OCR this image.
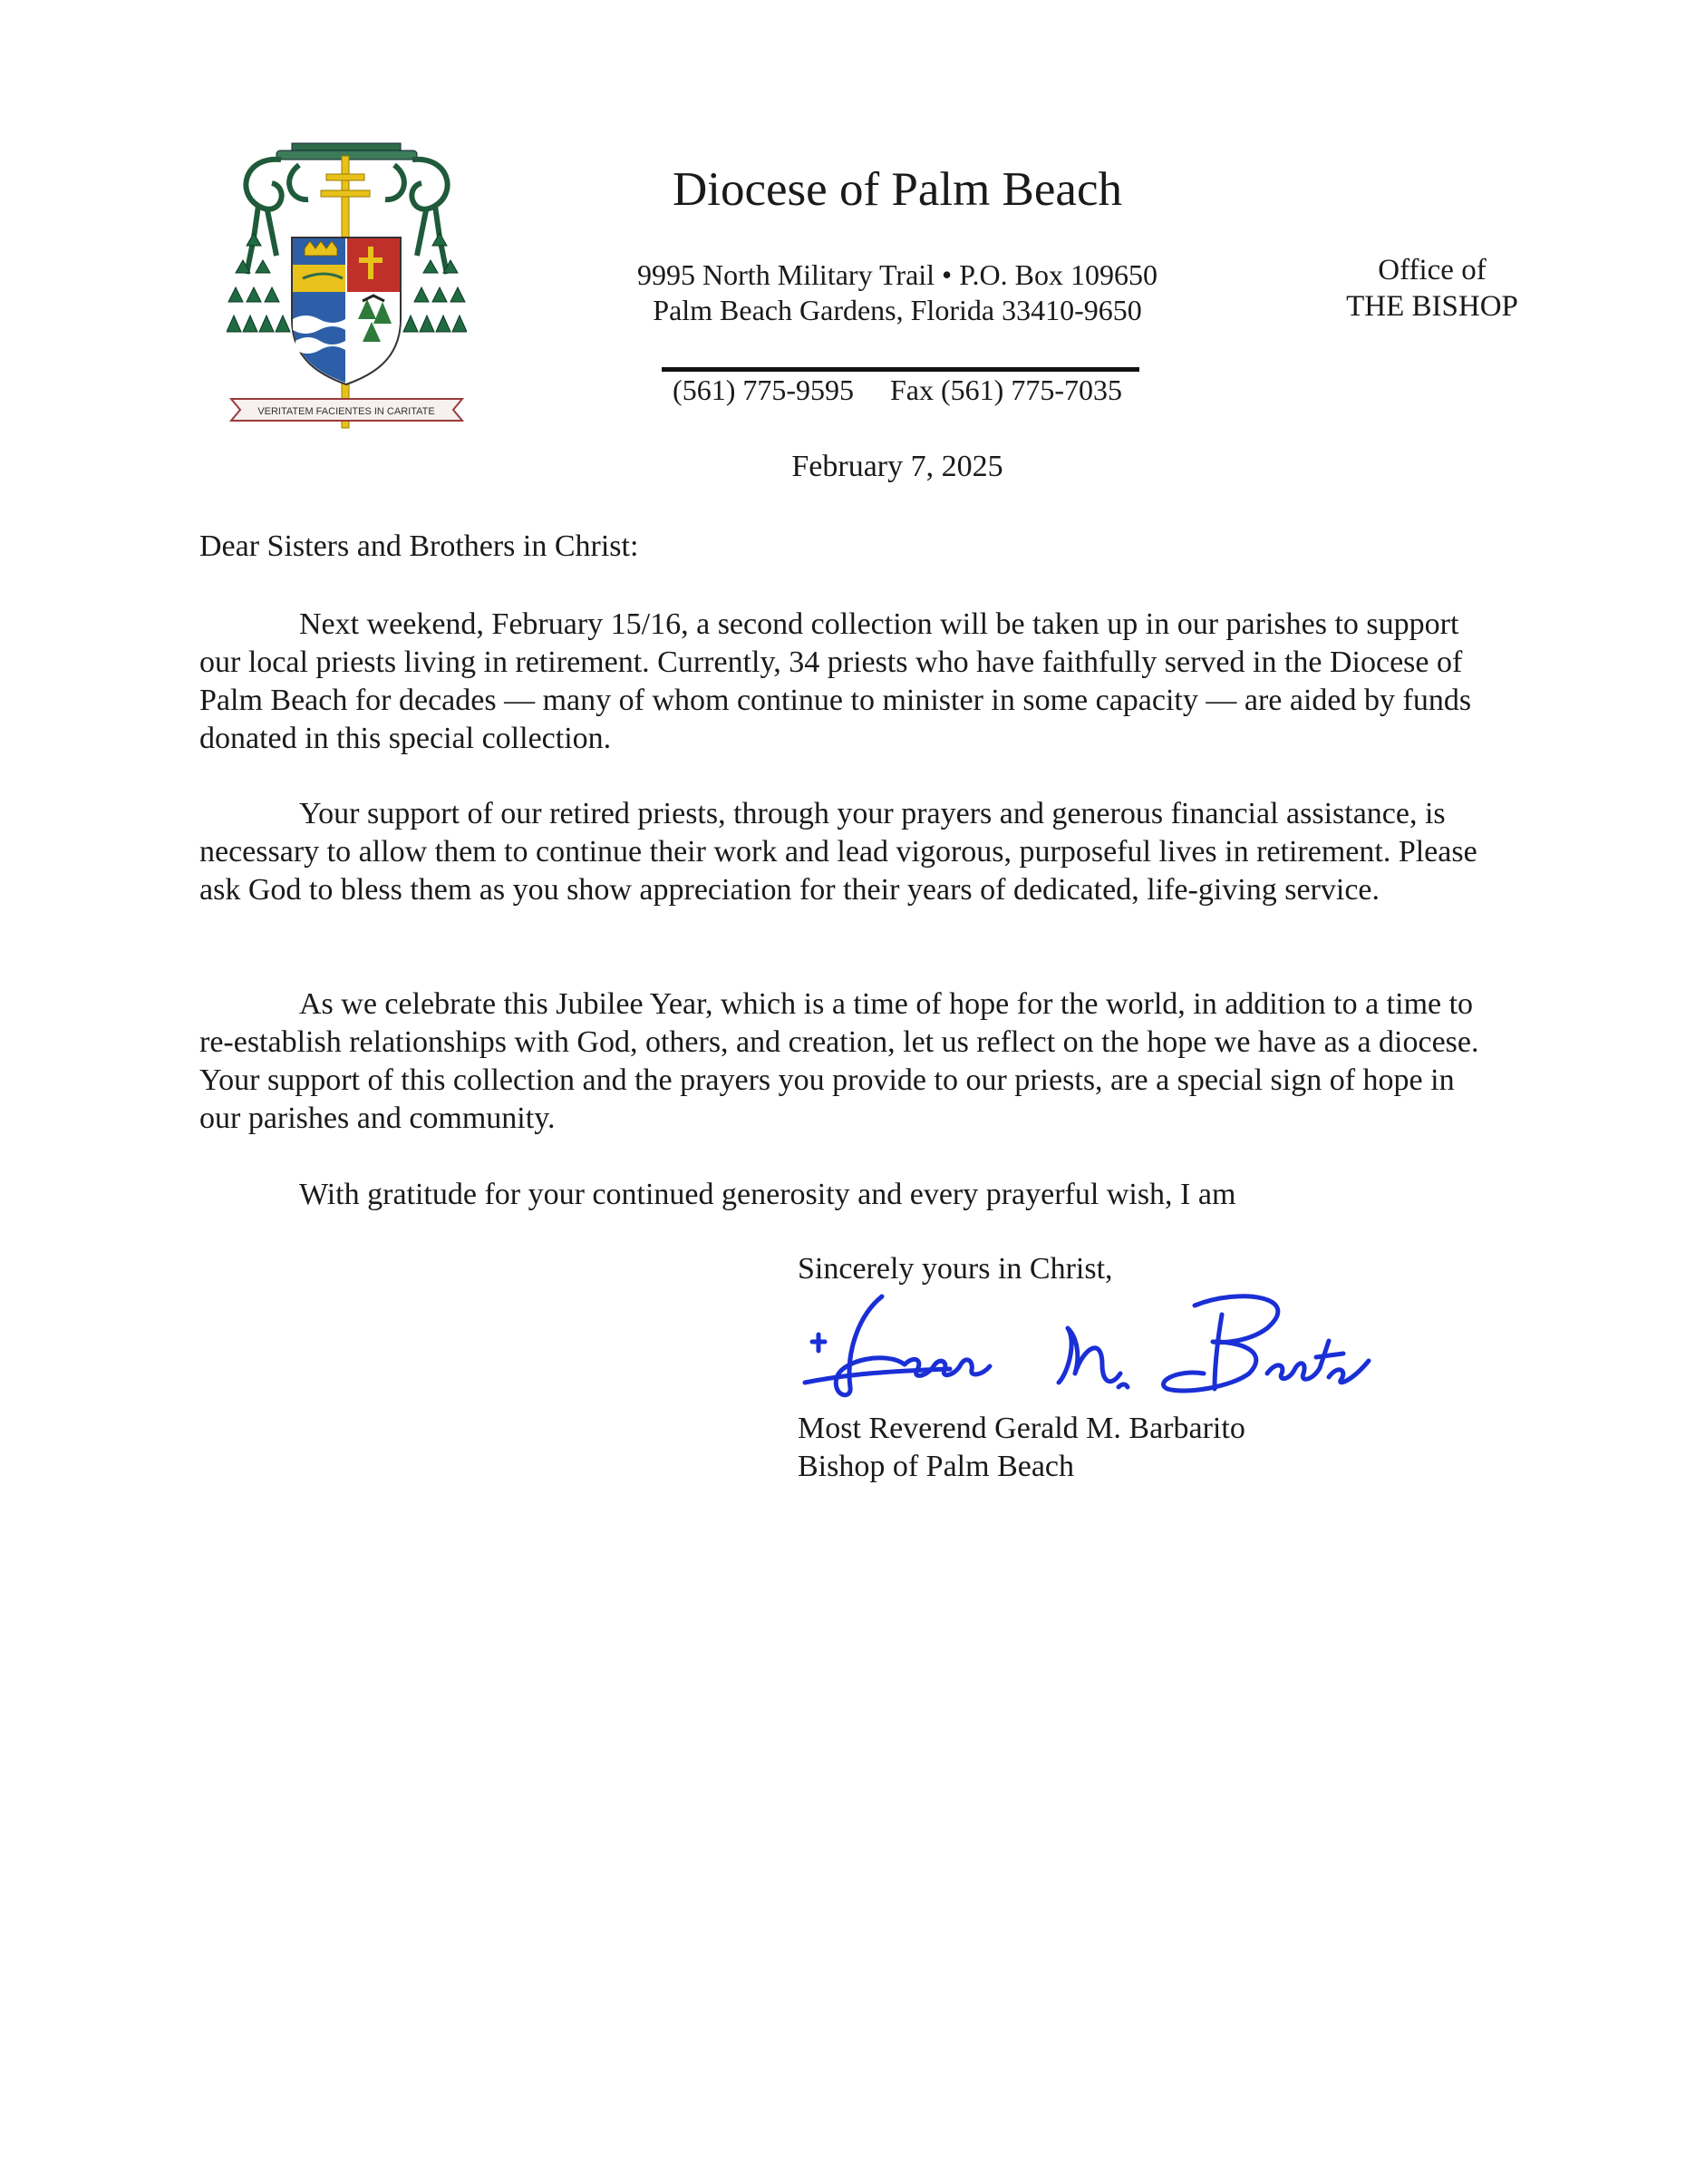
VERITATEM FACIENTES IN CARITATE
Diocese of Palm Beach
9995 North Military Trail • P.O. Box 109650
Palm Beach Gardens, Florida 33410-9650
(561) 775-9595     Fax (561) 775-7035
Office of
THE BISHOP
February 7, 2025
Dear Sisters and Brothers in Christ:

Next weekend, February 15/16, a second collection will be taken up in our parishes to support our local priests living in retirement. Currently, 34 priests who have faithfully served in the Diocese of Palm Beach for decades — many of whom continue to minister in some capacity — are aided by funds donated in this special collection.

Your support of our retired priests, through your prayers and generous financial assistance, is necessary to allow them to continue their work and lead vigorous, purposeful lives in retirement. Please ask God to bless them as you show appreciation for their years of dedicated, life-giving service.

As we celebrate this Jubilee Year, which is a time of hope for the world, in addition to a time to re-establish relationships with God, others, and creation, let us reflect on the hope we have as a diocese. Your support of this collection and the prayers you provide to our priests, are a special sign of hope in our parishes and community.

With gratitude for your continued generosity and every prayerful wish, I am

Sincerely yours in Christ,
Most Reverend Gerald M. Barbarito
Bishop of Palm Beach
